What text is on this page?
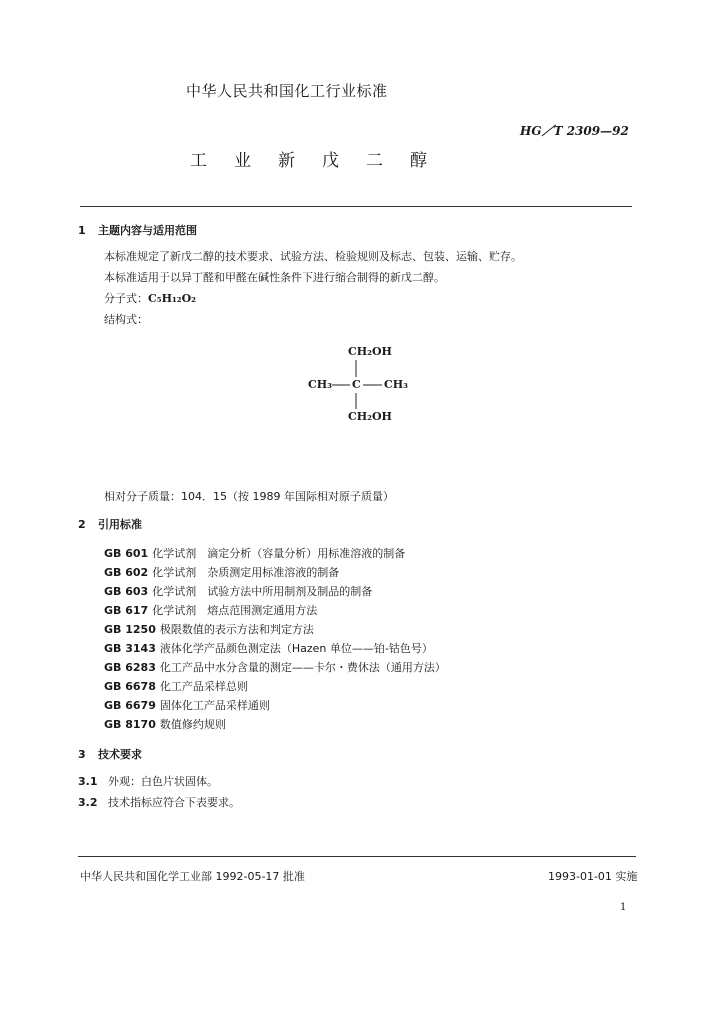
中华人民共和国化工行业标准
HG／T 2309—92
工业新戊二醇
1 主题内容与适用范围
本标准规定了新戊二醇的技术要求、试验方法、检验规则及标志、包装、运输、贮存。
本标准适用于以异丁醛和甲醛在碱性条件下进行缩合制得的新戊二醇。
分子式：C₅H₁₂O₂
结构式：
CH₂OH
CH₃ C CH₃
CH₂OH
相对分子质量：104．15（按 1989 年国际相对原子质量）
2 引用标准
GB 601 化学试剂　滴定分析（容量分析）用标准溶液的制备
GB 602 化学试剂　杂质测定用标准溶液的制备
GB 603 化学试剂　试验方法中所用制剂及制品的制备
GB 617 化学试剂　熔点范围测定通用方法
GB 1250 极限数值的表示方法和判定方法
GB 3143 液体化学产品颜色测定法（Hazen 单位——铂-钴色号）
GB 6283 化工产品中水分含量的测定——卡尔・费休法（通用方法）
GB 6678 化工产品采样总则
GB 6679 固体化工产品采样通则
GB 8170 数值修约规则
3 技术要求
3.1 外观：白色片状固体。
3.2 技术指标应符合下表要求。
中华人民共和国化学工业部 1992-05-17 批准	1993-01-01 实施
1
